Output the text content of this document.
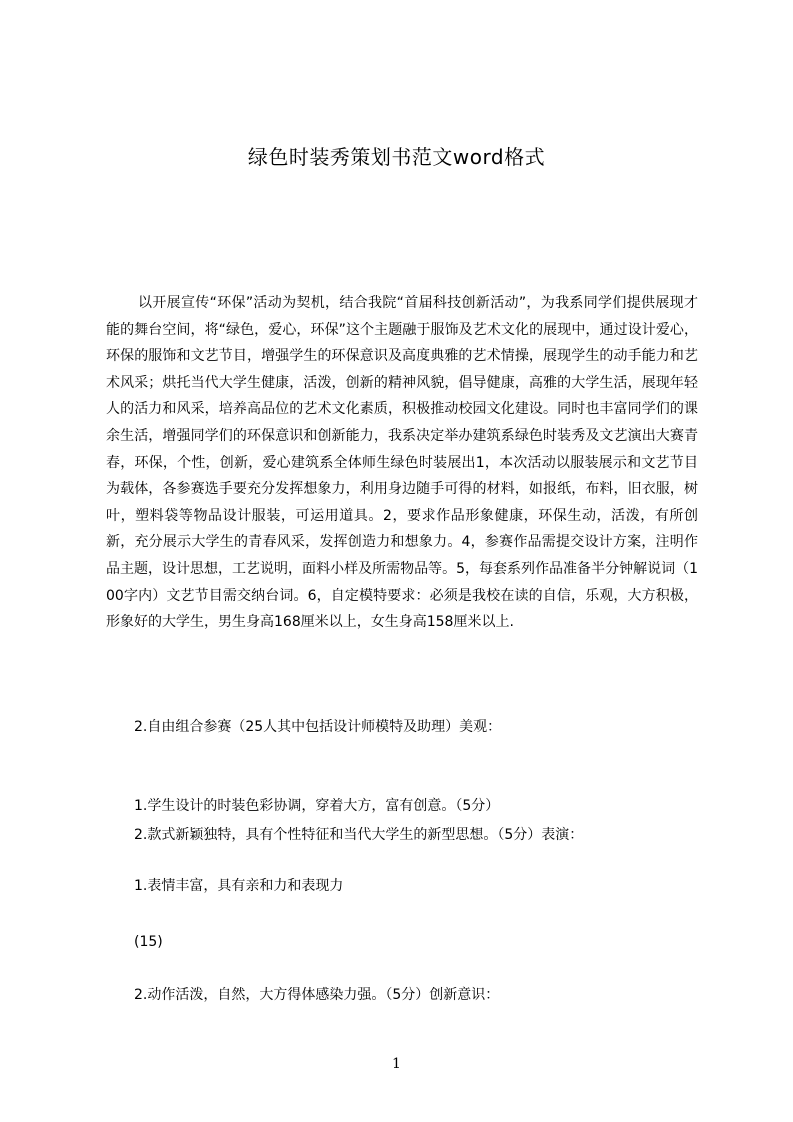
绿色时装秀策划书范文word格式

以开展宣传“环保”活动为契机，结合我院“首届科技创新活动”，为我系同学们提供展现才能的舞台空间，将“绿色，爱心，环保”这个主题融于服饰及艺术文化的展现中，通过设计爱心，环保的服饰和文艺节目，增强学生的环保意识及高度典雅的艺术情操，展现学生的动手能力和艺术风采；烘托当代大学生健康，活泼，创新的精神风貌，倡导健康，高雅的大学生活，展现年轻人的活力和风采，培养高品位的艺术文化素质，积极推动校园文化建设。同时也丰富同学们的课余生活，增强同学们的环保意识和创新能力，我系决定举办建筑系绿色时装秀及文艺演出大赛青春，环保，个性，创新，爱心建筑系全体师生绿色时装展出1，本次活动以服装展示和文艺节目为载体，各参赛选手要充分发挥想象力，利用身边随手可得的材料，如报纸，布料，旧衣服，树叶，塑料袋等物品设计服装，可运用道具。2，要求作品形象健康，环保生动，活泼，有所创新，充分展示大学生的青春风采，发挥创造力和想象力。4，参赛作品需提交设计方案，注明作品主题，设计思想，工艺说明，面料小样及所需物品等。5，每套系列作品准备半分钟解说词（100字内）文艺节目需交纳台词。6，自定模特要求：必须是我校在读的自信，乐观，大方积极，形象好的大学生，男生身高168厘米以上，女生身高158厘米以上.

2.自由组合参赛（25人其中包括设计师模特及助理）美观：

1.学生设计的时装色彩协调，穿着大方，富有创意。（5分）

2.款式新颖独特，具有个性特征和当代大学生的新型思想。（5分）表演：

1.表情丰富，具有亲和力和表现力

(15)

2.动作活泼，自然，大方得体感染力强。（5分）创新意识：

1
